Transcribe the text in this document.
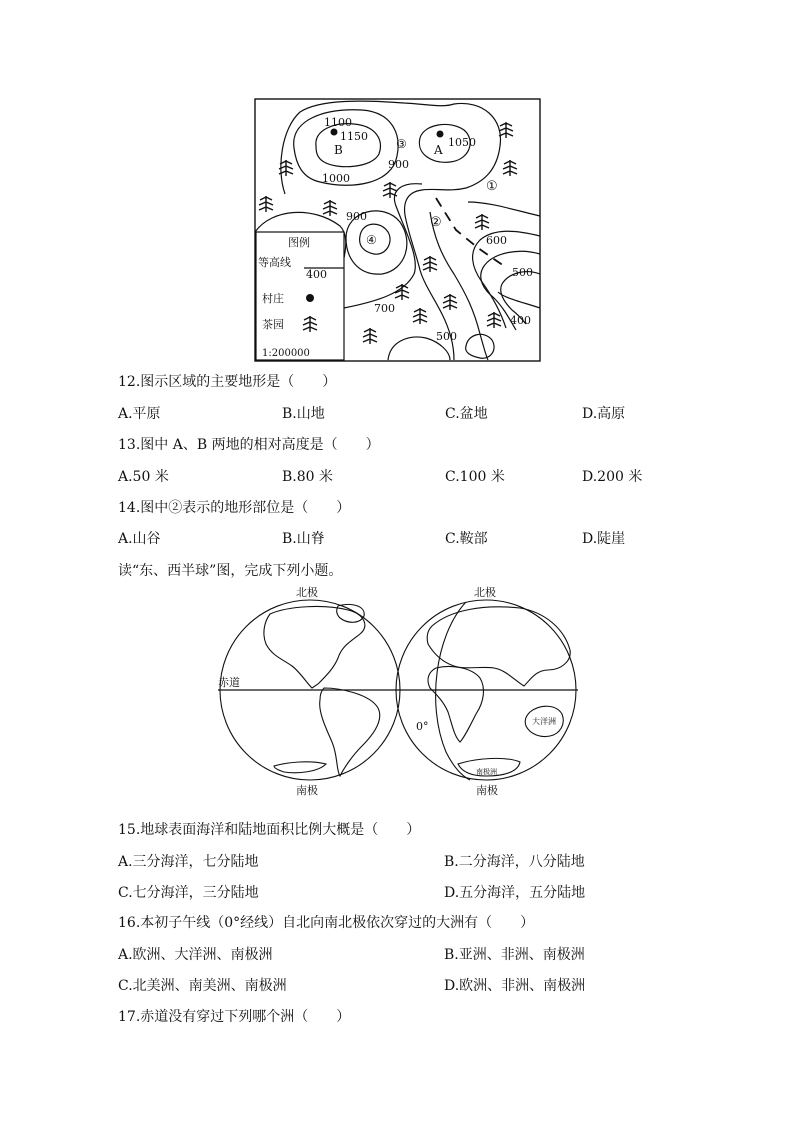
1100
1150
B	A
1050
③
900
1000
①
900	②
④	600
500
700
400
500
图例
等高线
400
村庄
茶园
1:200000
12.图示区域的主要地形是（　　）
A.平原	B.山地	C.盆地	D.高原
13.图中 A、B 两地的相对高度是（　　）
A.50 米	B.80 米	C.100 米	D.200 米
14.图中②表示的地形部位是（　　）
A.山谷	B.山脊	C.鞍部	D.陡崖
读“东、西半球”图，完成下列小题。
北极	北极
南极	南极
赤道
0°	大洋洲
南极洲
15.地球表面海洋和陆地面积比例大概是（　　）
A.三分海洋，七分陆地	B.二分海洋，八分陆地
C.七分海洋，三分陆地	D.五分海洋，五分陆地
16.本初子午线（0°经线）自北向南北极依次穿过的大洲有（　　）
A.欧洲、大洋洲、南极洲	B.亚洲、非洲、南极洲
C.北美洲、南美洲、南极洲	D.欧洲、非洲、南极洲
17.赤道没有穿过下列哪个洲（　　）
